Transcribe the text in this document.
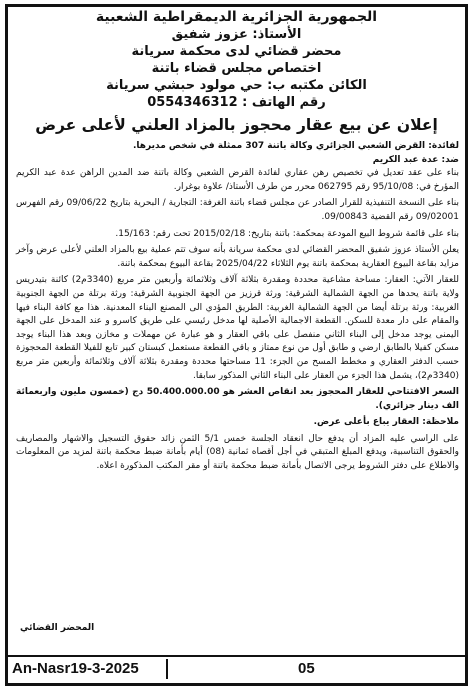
الجمهورية الجزائرية الديمقراطية الشعبية
الأستاذ: عزوز شفيق
محضر قضائي لدى محكمة سريانة
اختصاص مجلس قضاء باتنة
الكائن مكتبه ب: حي مولود حبشي سريانة
رقم الهاتف : 0554346312
إعلان عن بيع عقار محجوز بالمزاد العلني لأعلى عرض

لفائدة: القرض الشعبي الجزائري وكالة باتنة 307 ممثلة في شخص مديرها.

ضد: عدة عبد الكريم

بناء على عقد تعديل في تخصيص رهن عقاري لفائدة القرض الشعبي وكالة باتنة ضد المدين الراهن عدة عبد الكريم المؤرخ في: 95/10/08 رقم 062795 محرر من طرف الأستاذ/ علاوة بوغرار.

بناء على النسخة التنفيذية للقرار الصادر عن مجلس قضاء باتنة الغرفة: التجارية / البحرية بتاريخ 09/06/22 رقم الفهرس 09/02001 رقم القضية 09/00843.

بناء على قائمة شروط البيع المودعة بمحكمة: باتنة بتاريخ: 2015/02/18 تحت رقم: 15/163.

يعلن الأستاذ عزوز شفيق المحضر القضائي لدى محكمة سريانة بأنه سوف تتم عملية بيع بالمزاد العلني لأعلى عرض وآخر مزايد بقاعة البيوع العقارية بمحكمة باتنة يوم الثلاثاء 2025/04/22 بقاعة البيوع بمحكمة باتنة.

للعقار الآتي: العقار: مساحة مشاعية محددة ومقدرة بثلاثة آلاف وثلاثمائة وأربعين متر مربع (3340م2) كائنة بتيدريس ولاية باتنة يحدها من الجهة الشمالية الشرقية: ورثة قرزيز من الجهة الجنوبية الشرقية: ورثة برتلة من الجهة الجنوبية الغربية: ورثة برتلة أيضا من الجهة الشمالية الغربية: الطريق المؤدي الى المصنع البناء المعدنية. هذا مع كافة البناء فيها والمقام على دار معدة للسكن. القطعة الاجمالية الأصلية لها مدخل رئيسي على طريق كاسرو و عند المدخل على الجهة اليمنى يوجد مدخل إلى البناء الثاني منفصل على باقي العقار و هو عبارة عن مهملات و مخازن وبعد هذا البناء يوجد مسكن كفيلا بالطابق ارضي و طابق أول من نوع ممتاز و باقي القطعة مستعمل كبستان كبير تابع للفيلا القطعة المحجوزة حسب الدفتر العقاري و مخطط المسح من الجزء: 11 مساحتها محددة ومقدرة بثلاثة آلاف وثلاثمائة وأربعين متر مربع (3340م2)، يشمل هذا الجزء من العقار على البناء الثاني المذكور سابقا.

السعر الافتتاحي للعقار المحجوز بعد انقاص العشر هو 50.400.000.00 دج (خمسون مليون واربعمائة الف دينار جزائري).

ملاحظة: العقار يباع بأعلى عرض.

على الراسي عليه المزاد أن يدفع حال انعقاد الجلسة خمس 5/1 الثمن زائد حقوق التسجيل والاشهار والمصاريف والحقوق التناسبية، ويدفع المبلغ المتبقي في أجل أقصاه ثمانية (08) أيام بأمانة ضبط محكمة باتنة لمزيد من المعلومات والاطلاع على دفتر الشروط يرجى الاتصال بأمانة ضبط محكمة باتنة أو مقر المكتب المذكورة اعلاه.

المحضر القضائي
An-Nasr19-3-2025	05
